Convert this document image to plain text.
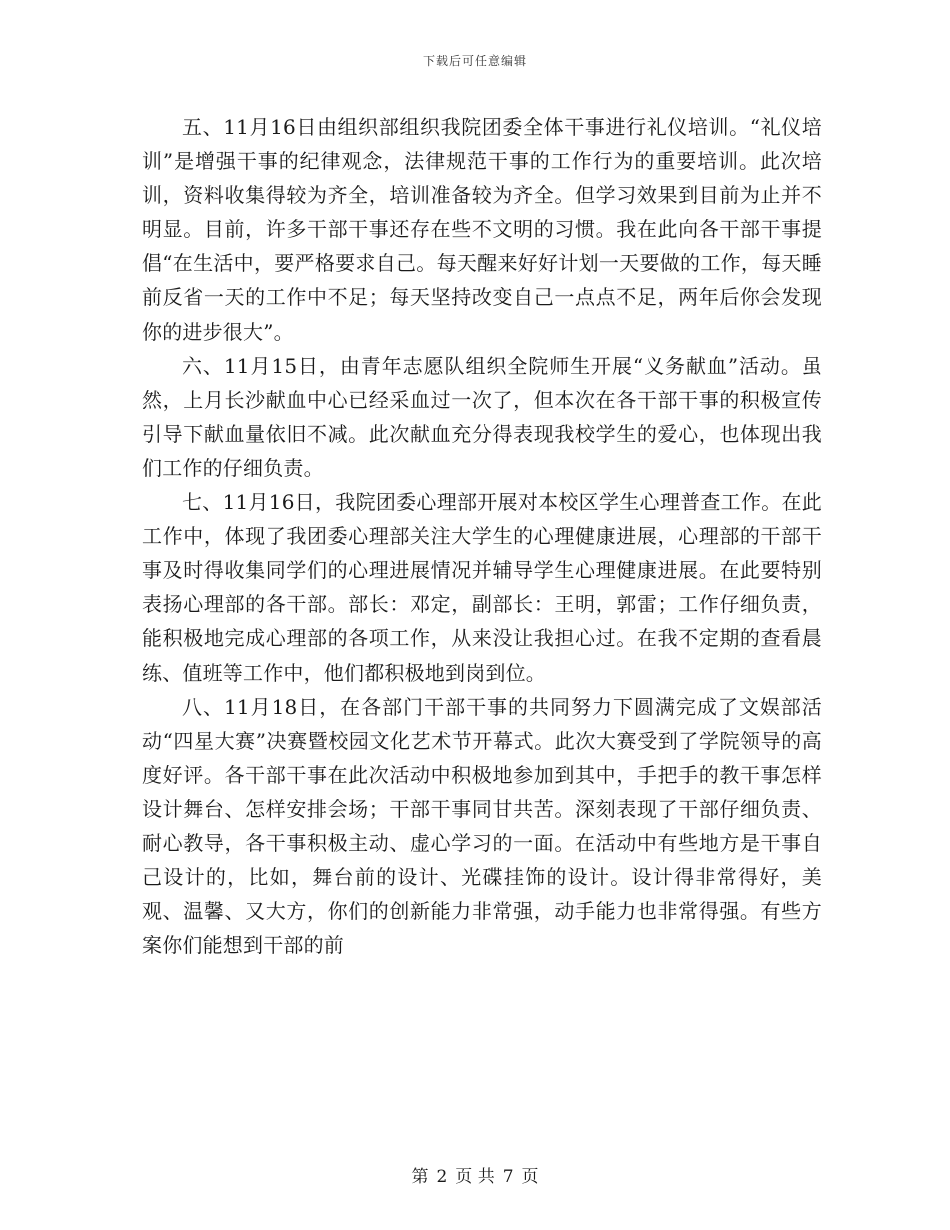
下载后可任意编辑

五、11月16日由组织部组织我院团委全体干事进行礼仪培训。“礼仪培训”是增强干事的纪律观念，法律规范干事的工作行为的重要培训。此次培训，资料收集得较为齐全，培训准备较为齐全。但学习效果到目前为止并不明显。目前，许多干部干事还存在些不文明的习惯。我在此向各干部干事提倡“在生活中，要严格要求自己。每天醒来好好计划一天要做的工作，每天睡前反省一天的工作中不足；每天坚持改变自己一点点不足，两年后你会发现你的进步很大”。

六、11月15日，由青年志愿队组织全院师生开展“义务献血”活动。虽然，上月长沙献血中心已经采血过一次了，但本次在各干部干事的积极宣传引导下献血量依旧不减。此次献血充分得表现我校学生的爱心，也体现出我们工作的仔细负责。

七、11月16日，我院团委心理部开展对本校区学生心理普查工作。在此工作中，体现了我团委心理部关注大学生的心理健康进展，心理部的干部干事及时得收集同学们的心理进展情况并辅导学生心理健康进展。在此要特别表扬心理部的各干部。部长：邓定，副部长：王明，郭雷；工作仔细负责，能积极地完成心理部的各项工作，从来没让我担心过。在我不定期的查看晨练、值班等工作中，他们都积极地到岗到位。

八、11月18日，在各部门干部干事的共同努力下圆满完成了文娱部活动“四星大赛”决赛暨校园文化艺术节开幕式。此次大赛受到了学院领导的高度好评。各干部干事在此次活动中积极地参加到其中，手把手的教干事怎样设计舞台、怎样安排会场；干部干事同甘共苦。深刻表现了干部仔细负责、耐心教导，各干事积极主动、虚心学习的一面。在活动中有些地方是干事自己设计的，比如，舞台前的设计、光碟挂饰的设计。设计得非常得好，美观、温馨、又大方，你们的创新能力非常强，动手能力也非常得强。有些方案你们能想到干部的前

第 2 页 共 7 页
